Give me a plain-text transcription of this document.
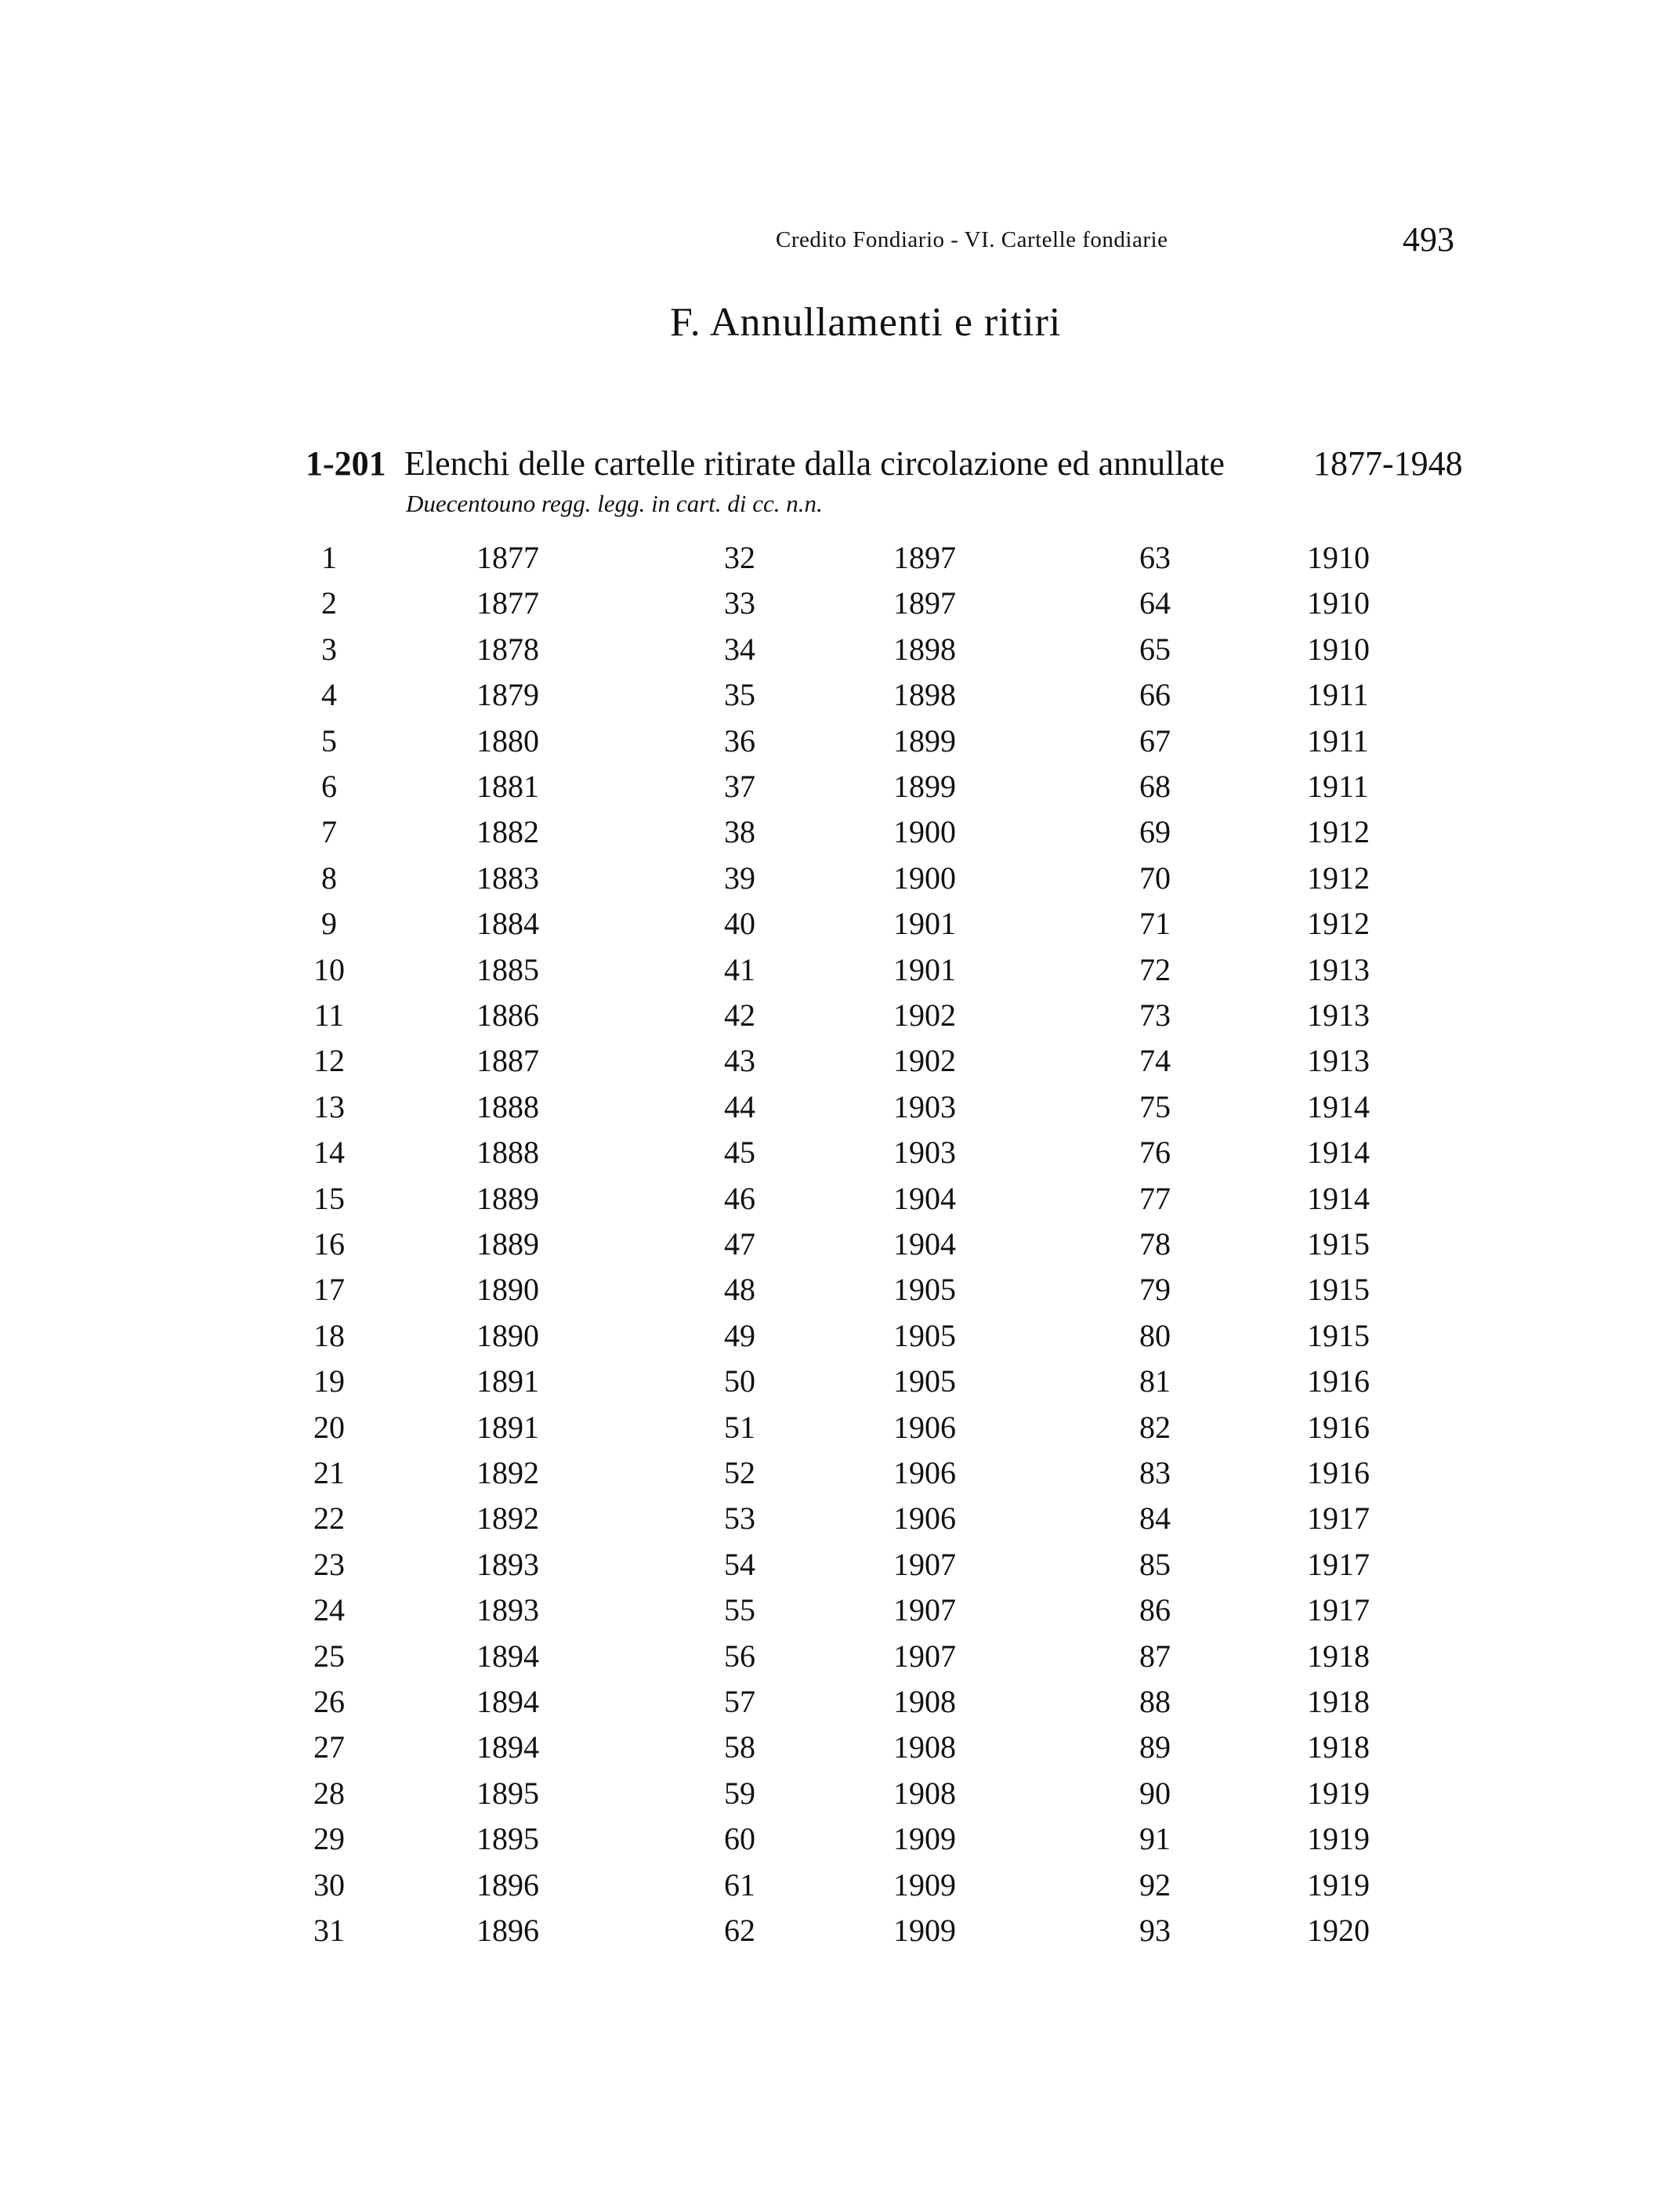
Credito Fondiario - VI. Cartelle fondiarie	493
F. Annullamenti e ritiri
1-201 Elenchi delle cartelle ritirate dalla circolazione ed annullate	1877-1948
Duecentouno regg. legg. in cart. di cc. n.n.
1	1877	32	1897	63	1910
2	1877	33	1897	64	1910
3	1878	34	1898	65	1910
4	1879	35	1898	66	1911
5	1880	36	1899	67	1911
6	1881	37	1899	68	1911
7	1882	38	1900	69	1912
8	1883	39	1900	70	1912
9	1884	40	1901	71	1912
10	1885	41	1901	72	1913
11	1886	42	1902	73	1913
12	1887	43	1902	74	1913
13	1888	44	1903	75	1914
14	1888	45	1903	76	1914
15	1889	46	1904	77	1914
16	1889	47	1904	78	1915
17	1890	48	1905	79	1915
18	1890	49	1905	80	1915
19	1891	50	1905	81	1916
20	1891	51	1906	82	1916
21	1892	52	1906	83	1916
22	1892	53	1906	84	1917
23	1893	54	1907	85	1917
24	1893	55	1907	86	1917
25	1894	56	1907	87	1918
26	1894	57	1908	88	1918
27	1894	58	1908	89	1918
28	1895	59	1908	90	1919
29	1895	60	1909	91	1919
30	1896	61	1909	92	1919
31	1896	62	1909	93	1920
